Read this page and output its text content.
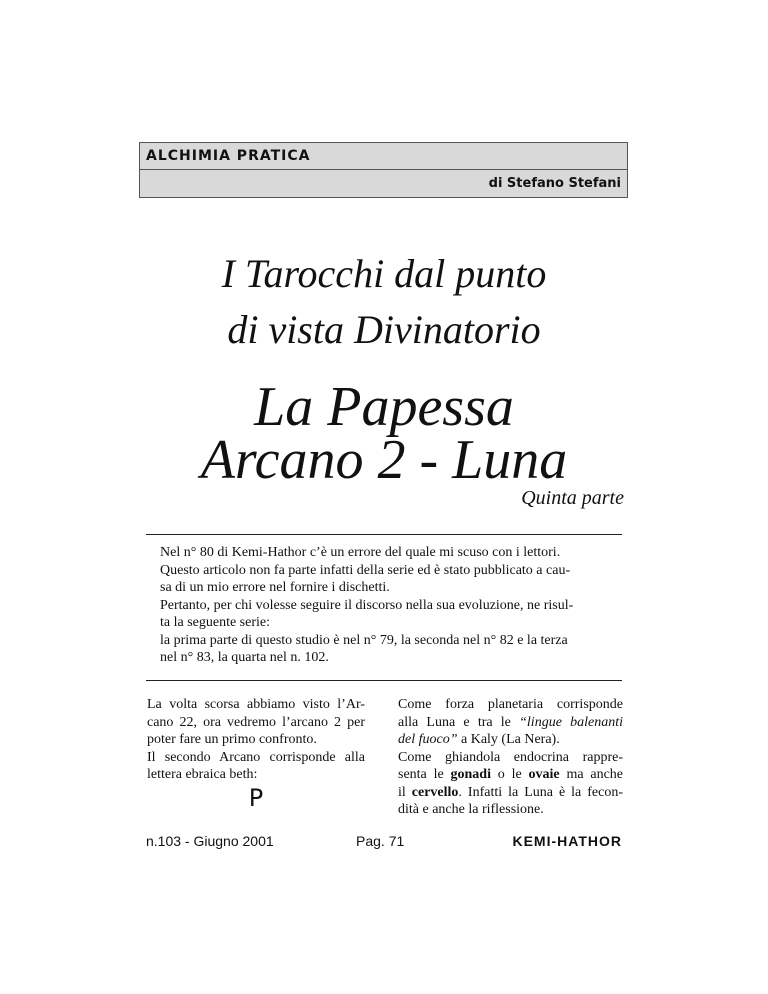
ALCHIMIA PRATICA
di Stefano Stefani
I Tarocchi dal punto
di vista Divinatorio
La Papessa
Arcano 2 - Luna
Quinta parte
Nel n° 80 di Kemi-Hathor c’è un errore del quale mi scuso con i lettori.
Questo articolo non fa parte infatti della serie ed è stato pubblicato a cau-
sa di un mio errore nel fornire i dischetti.
Pertanto, per chi volesse seguire il discorso nella sua evoluzione, ne risul-
ta la seguente serie:
la prima parte di questo studio è nel n° 79, la seconda nel n° 82 e la terza
nel n° 83, la quarta nel n. 102.
La volta scorsa abbiamo visto l’Ar-
cano 22, ora vedremo l’arcano 2 per
poter fare un primo confronto.
Il secondo Arcano corrisponde alla
lettera ebraica beth:
P
Come forza planetaria corrisponde
alla Luna e tra le “lingue balenanti
del fuoco” a Kaly (La Nera).
Come ghiandola endocrina rappre-
senta le gonadi o le ovaie ma anche
il cervello. Infatti la Luna è la fecon-
dità e anche la riflessione.
n.103 - Giugno 2001	Pag. 71	KEMI-HATHOR
